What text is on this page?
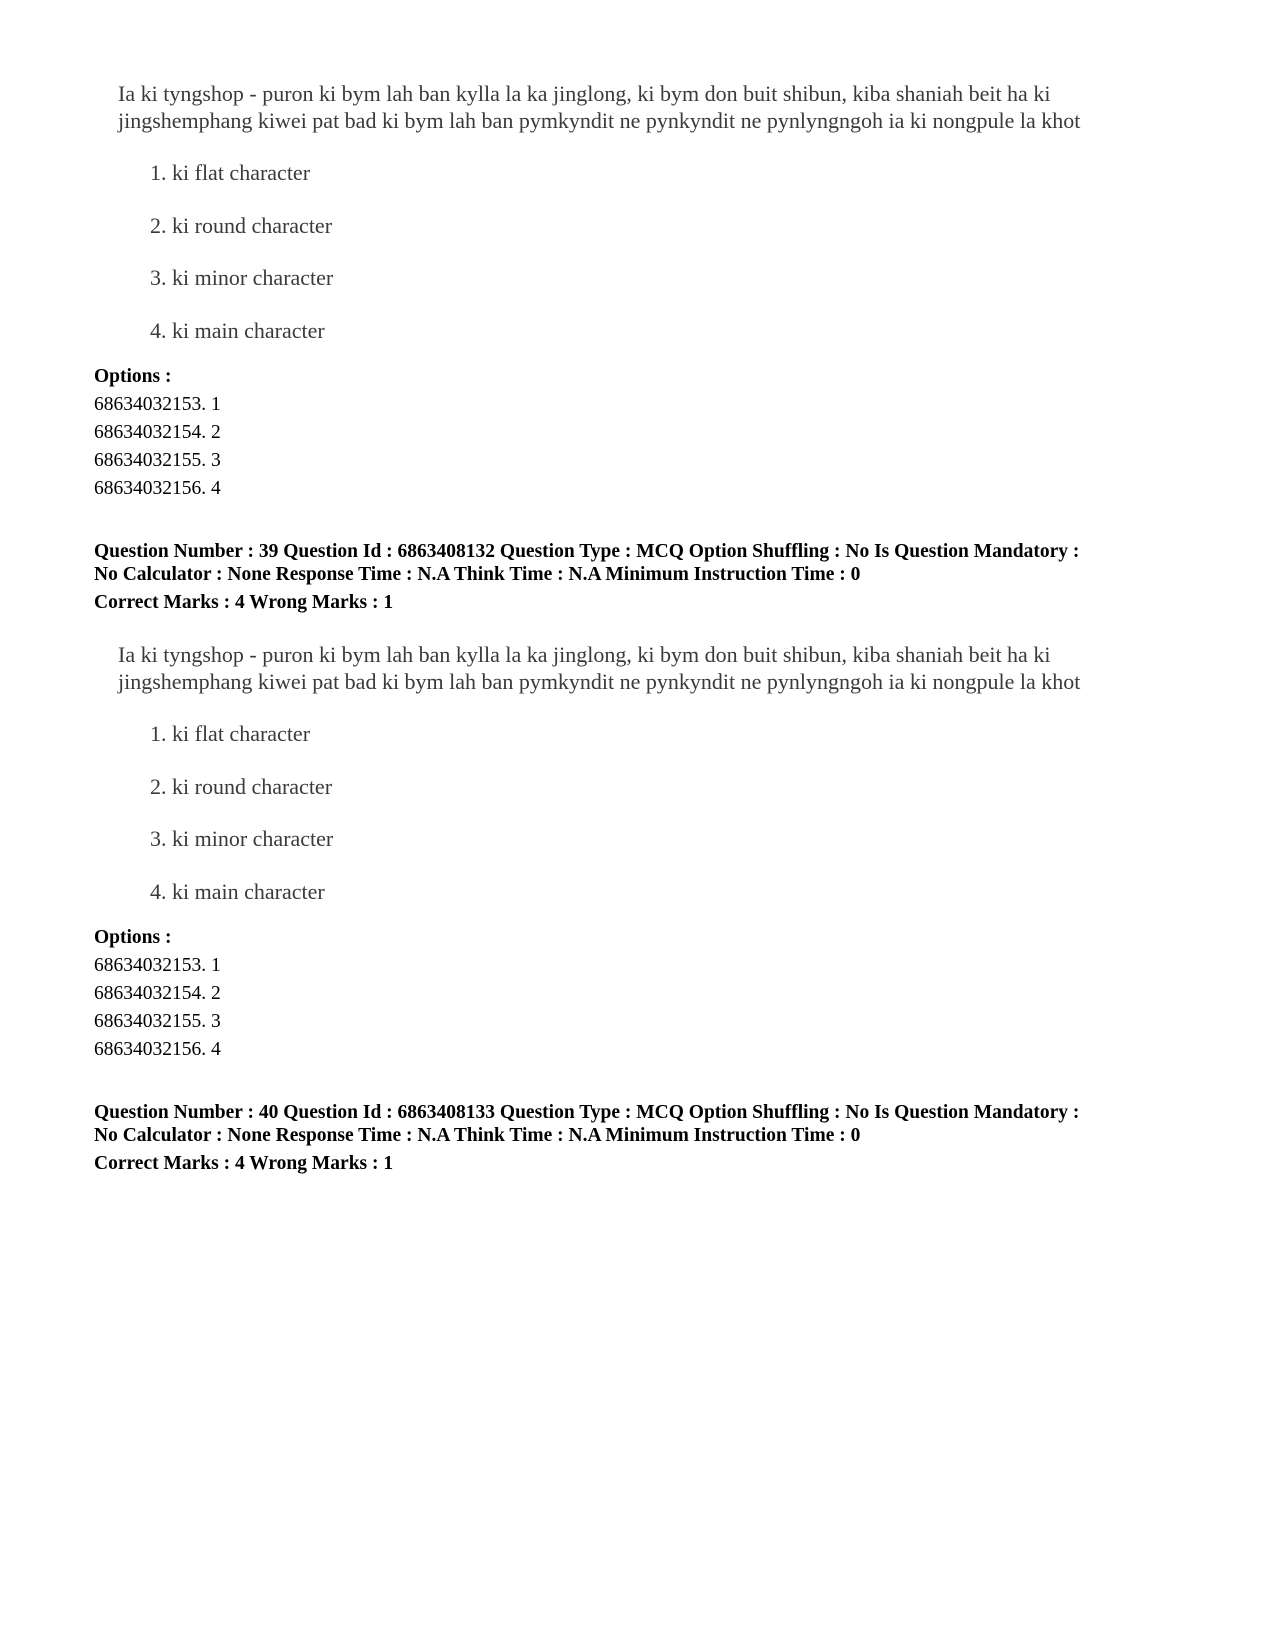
Ia ki tyngshop - puron ki bym lah ban kylla la ka jinglong, ki bym don buit shibun, kiba shaniah beit ha ki

jingshemphang kiwei pat bad ki bym lah ban pymkyndit ne pynkyndit ne pynlyngngoh ia ki nongpule la khot

1. ki flat character
2. ki round character
3. ki minor character
4. ki main character
Options :
68634032153. 1
68634032154. 2
68634032155. 3
68634032156. 4
Question Number : 39 Question Id : 6863408132 Question Type : MCQ Option Shuffling : No Is Question Mandatory :
No Calculator : None Response Time : N.A Think Time : N.A Minimum Instruction Time : 0
Correct Marks : 4 Wrong Marks : 1

Ia ki tyngshop - puron ki bym lah ban kylla la ka jinglong, ki bym don buit shibun, kiba shaniah beit ha ki

jingshemphang kiwei pat bad ki bym lah ban pymkyndit ne pynkyndit ne pynlyngngoh ia ki nongpule la khot

1. ki flat character
2. ki round character
3. ki minor character
4. ki main character
Options :
68634032153. 1
68634032154. 2
68634032155. 3
68634032156. 4
Question Number : 40 Question Id : 6863408133 Question Type : MCQ Option Shuffling : No Is Question Mandatory :
No Calculator : None Response Time : N.A Think Time : N.A Minimum Instruction Time : 0
Correct Marks : 4 Wrong Marks : 1
